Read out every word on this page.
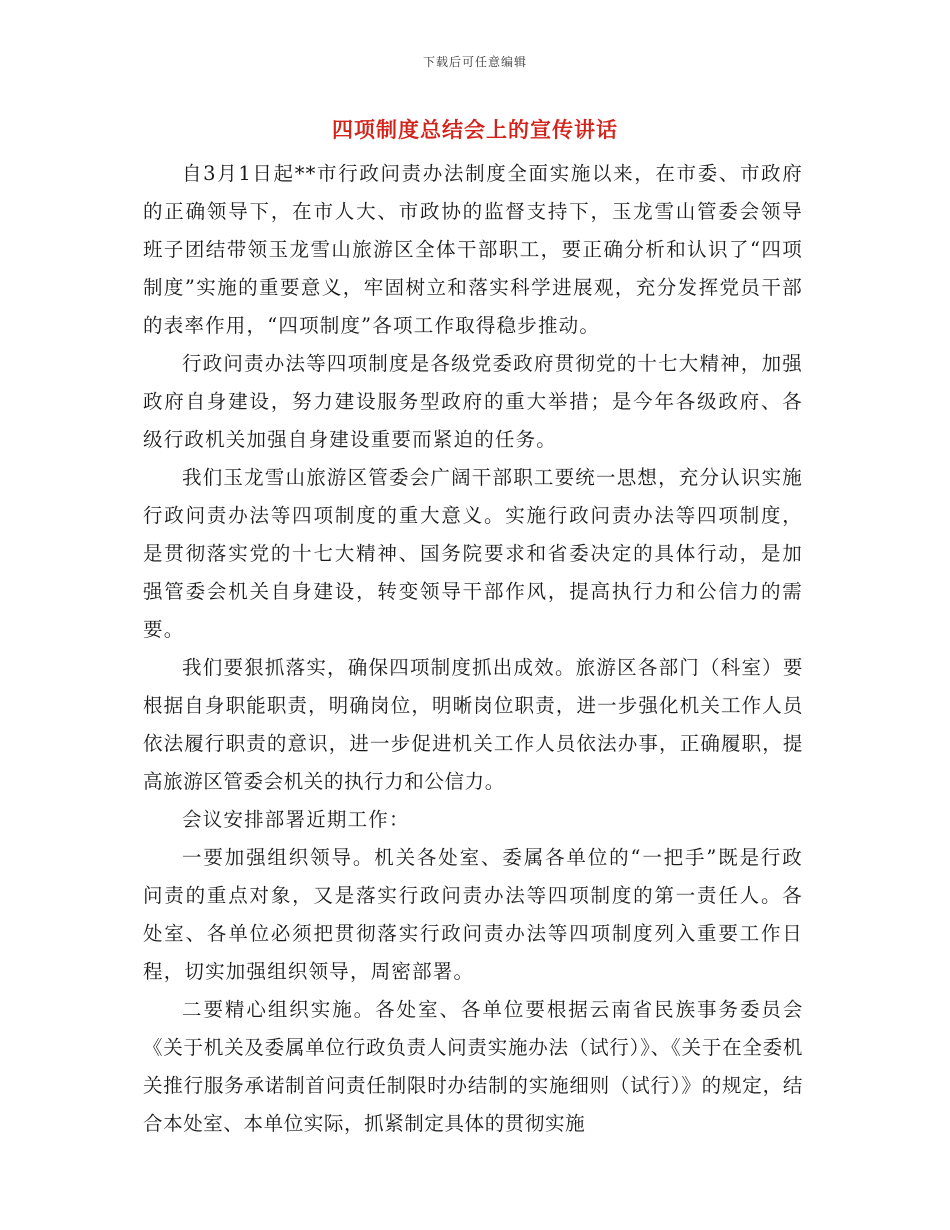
下载后可任意编辑
四项制度总结会上的宣传讲话

自3月1日起**市行政问责办法制度全面实施以来，在市委、市政府的正确领导下，在市人大、市政协的监督支持下，玉龙雪山管委会领导班子团结带领玉龙雪山旅游区全体干部职工，要正确分析和认识了“四项制度”实施的重要意义，牢固树立和落实科学进展观，充分发挥党员干部的表率作用，“四项制度”各项工作取得稳步推动。

行政问责办法等四项制度是各级党委政府贯彻党的十七大精神，加强政府自身建设，努力建设服务型政府的重大举措；是今年各级政府、各级行政机关加强自身建设重要而紧迫的任务。

我们玉龙雪山旅游区管委会广阔干部职工要统一思想，充分认识实施行政问责办法等四项制度的重大意义。实施行政问责办法等四项制度，是贯彻落实党的十七大精神、国务院要求和省委决定的具体行动，是加强管委会机关自身建设，转变领导干部作风，提高执行力和公信力的需要。

我们要狠抓落实，确保四项制度抓出成效。旅游区各部门（科室）要根据自身职能职责，明确岗位，明晰岗位职责，进一步强化机关工作人员依法履行职责的意识，进一步促进机关工作人员依法办事，正确履职，提高旅游区管委会机关的执行力和公信力。

会议安排部署近期工作：

一要加强组织领导。机关各处室、委属各单位的“一把手”既是行政问责的重点对象，又是落实行政问责办法等四项制度的第一责任人。各处室、各单位必须把贯彻落实行政问责办法等四项制度列入重要工作日程，切实加强组织领导，周密部署。

二要精心组织实施。各处室、各单位要根据云南省民族事务委员会《关于机关及委属单位行政负责人问责实施办法（试行）》、《关于在全委机关推行服务承诺制首问责任制限时办结制的实施细则（试行）》的规定，结合本处室、本单位实际，抓紧制定具体的贯彻实施
